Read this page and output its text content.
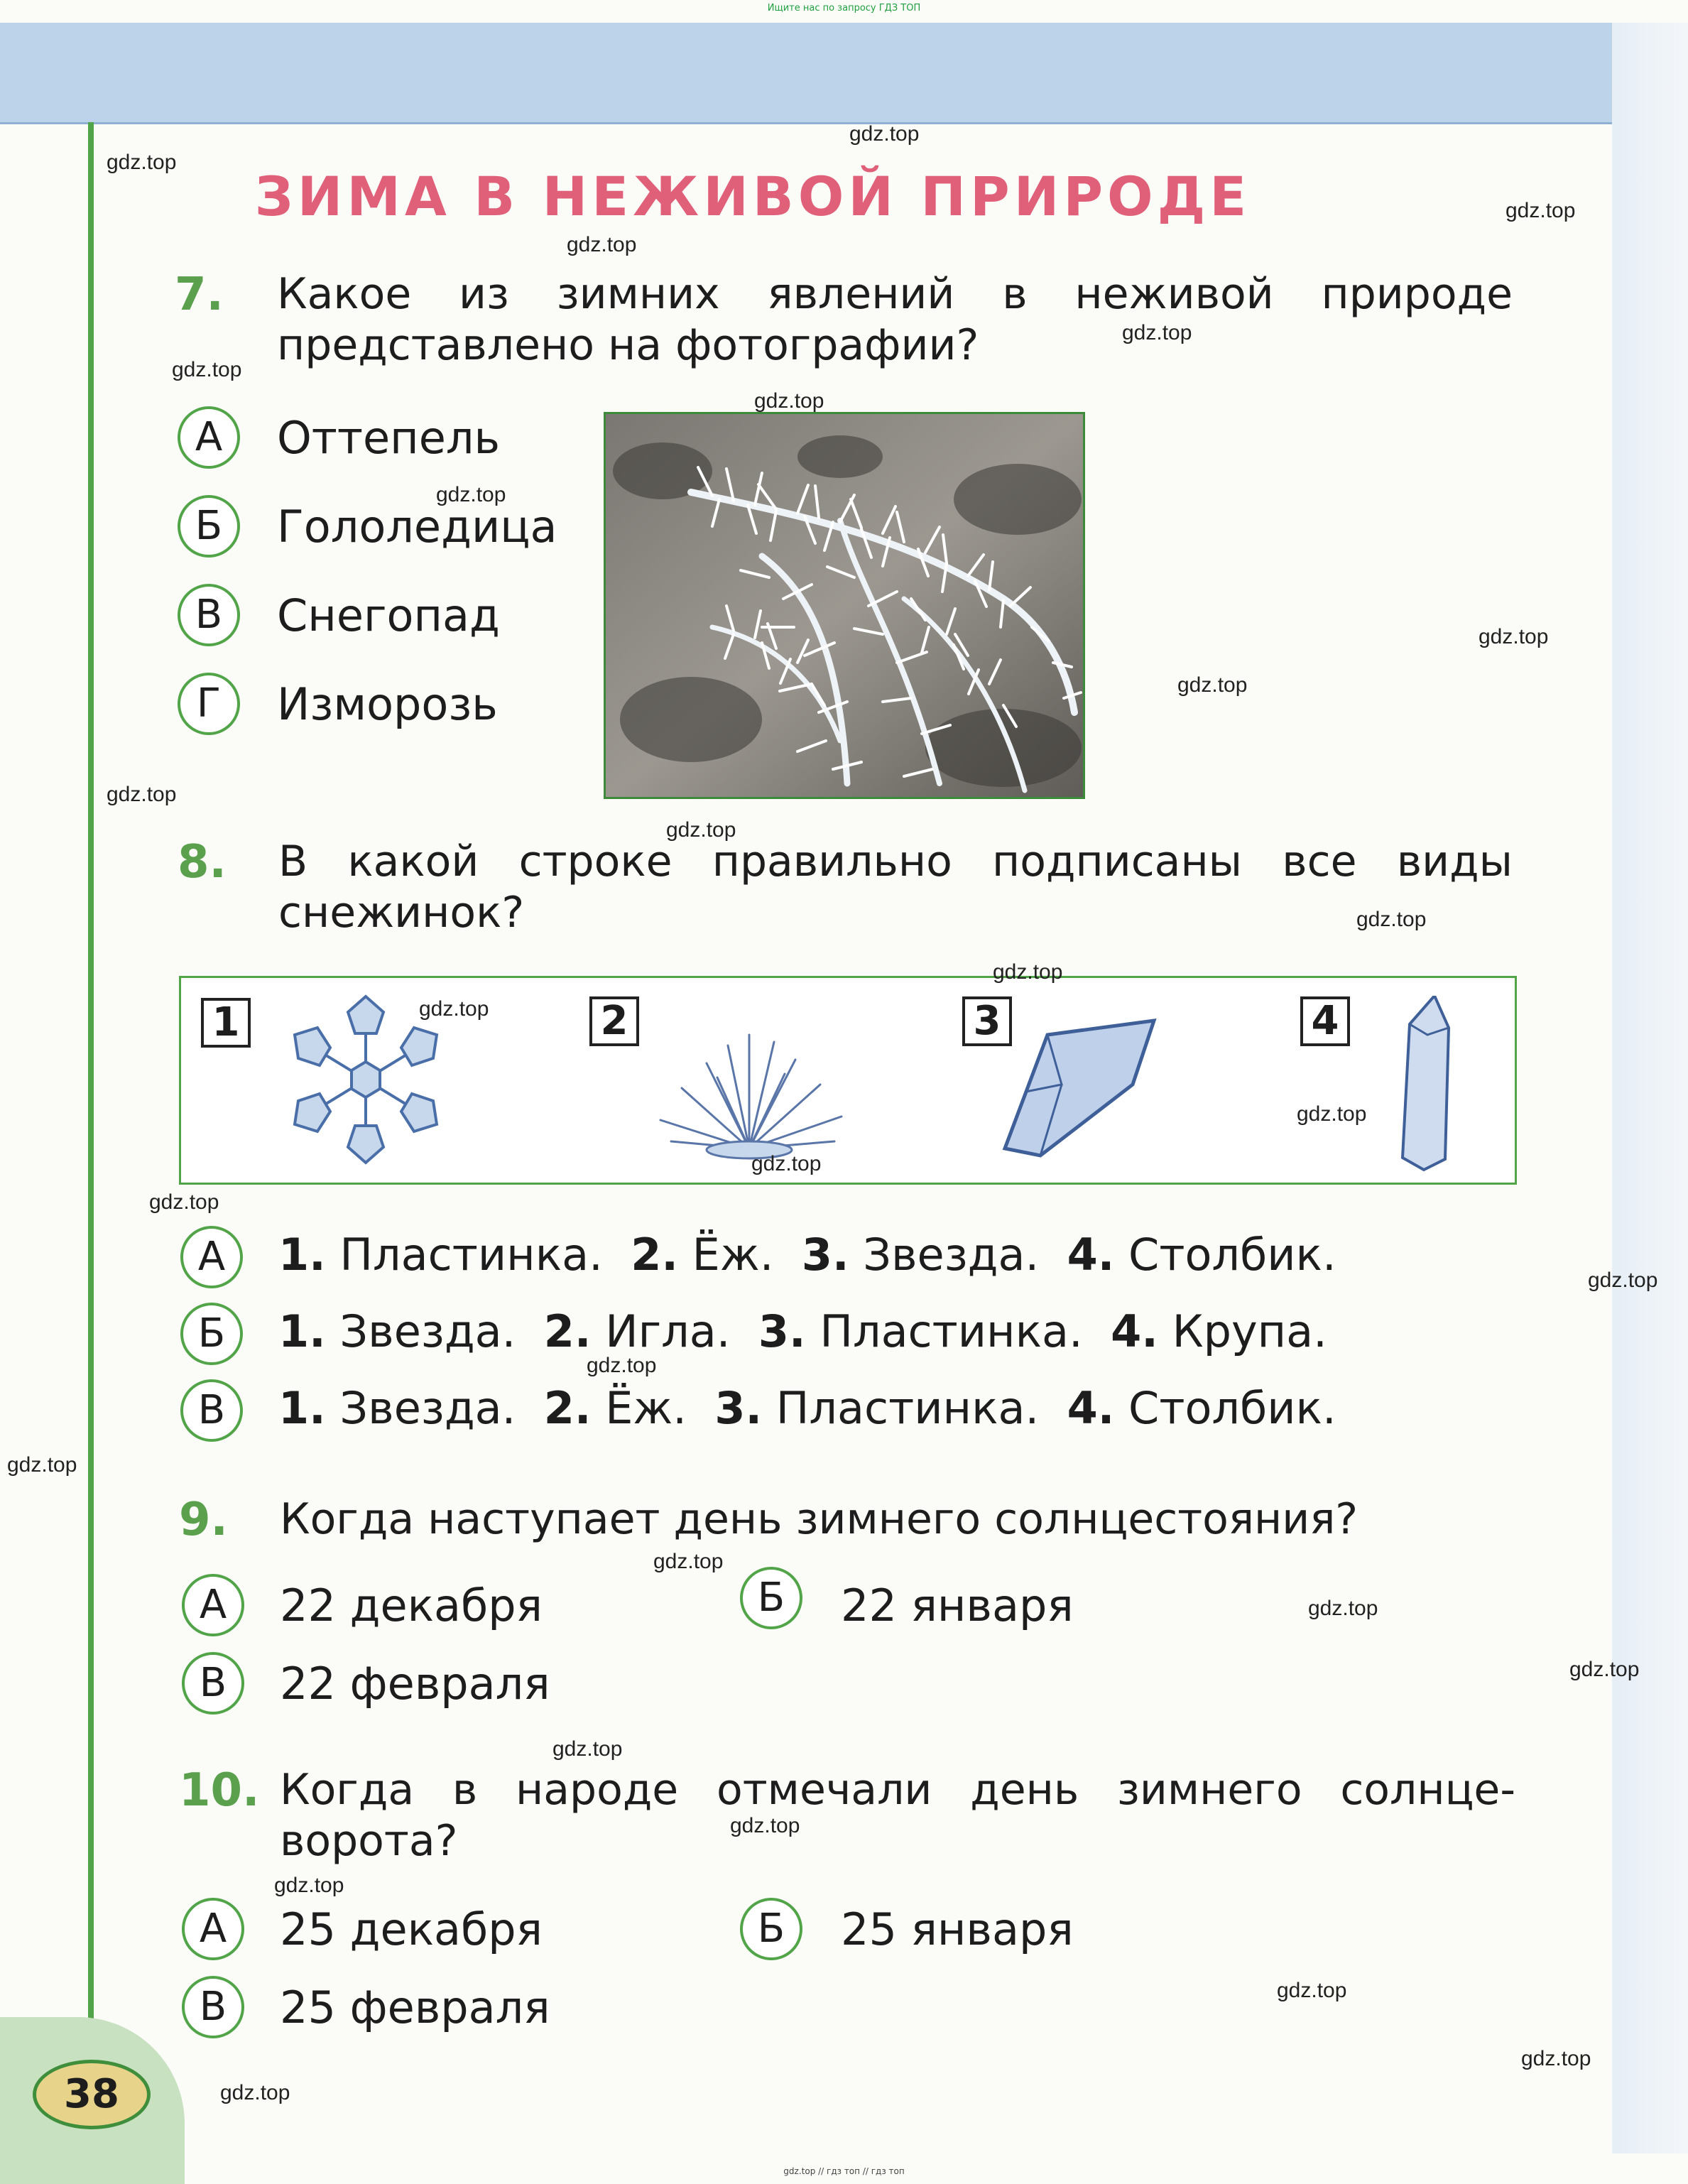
38
Ищите нас по запросу ГДЗ ТОП
gdz.top // гдз топ // гдз топ
ЗИМА В НЕЖИВОЙ ПРИРОДЕ
7. Какое из зимних явлений в неживой природе
представлено на фотографии?
А	Оттепель
Б	Гололедица
В	Снегопад
Г	Изморозь
8. В какой строке правильно подписаны все виды
снежинок?
1	2	3	4
А	1. Пластинка.  2. Ёж.  3. Звезда.  4. Столбик.
Б	1. Звезда.  2. Игла.  3. Пластинка.  4. Крупа.
В	1. Звезда.  2. Ёж.  3. Пластинка.  4. Столбик.
9. Когда наступает день зимнего солнцестояния?
А	22 декабря	Б	22 января
В	22 февраля
10. Когда в народе отмечали день зимнего солнце-
ворота?
А	25 декабря	Б	25 января
В	25 февраля
gdz.top
gdz.top
gdz.top
gdz.top
gdz.top
gdz.top
gdz.top
gdz.top
gdz.top
gdz.top
gdz.top
gdz.top
gdz.top
gdz.top
gdz.top
gdz.top
gdz.top
gdz.top
gdz.top
gdz.top
gdz.top
gdz.top
gdz.top
gdz.top
gdz.top
gdz.top
gdz.top
gdz.top
gdz.top
gdz.top
